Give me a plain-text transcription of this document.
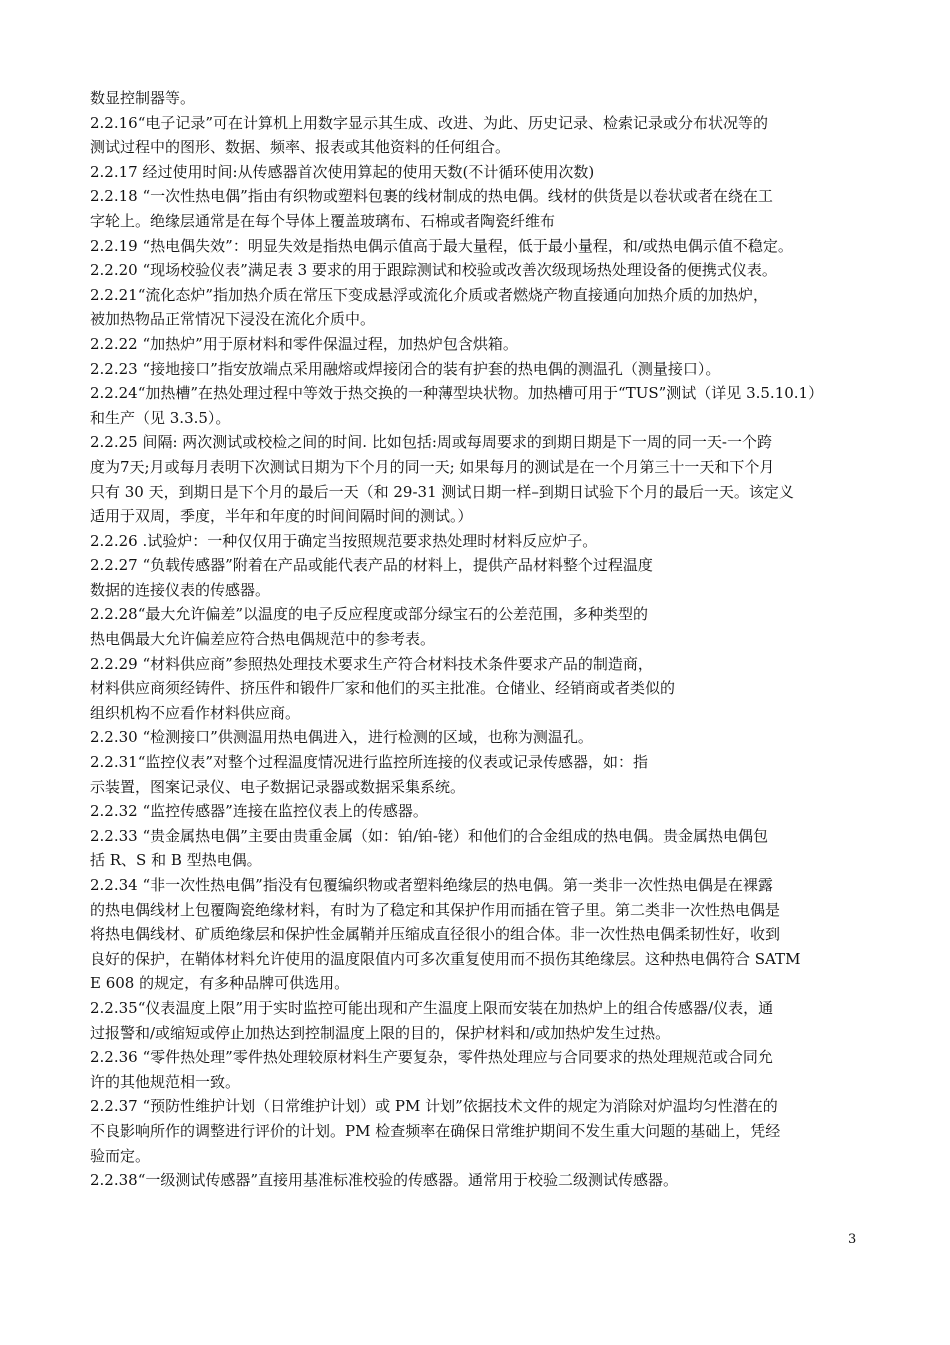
数显控制器等。
2.2.16“电子记录”可在计算机上用数字显示其生成、改进、为此、历史记录、检索记录或分布状况等的
测试过程中的图形、数据、频率、报表或其他资料的任何组合。
2.2.17 经过使用时间:从传感器首次使用算起的使用天数(不计循环使用次数)
2.2.18 “一次性热电偶”指由有织物或塑料包裹的线材制成的热电偶。线材的供货是以卷状或者在绕在工
字轮上。绝缘层通常是在每个导体上覆盖玻璃布、石棉或者陶瓷纤维布
2.2.19 “热电偶失效”：明显失效是指热电偶示值高于最大量程，低于最小量程，和/或热电偶示值不稳定。
2.2.20 “现场校验仪表”满足表 3 要求的用于跟踪测试和校验或改善次级现场热处理设备的便携式仪表。
2.2.21“流化态炉”指加热介质在常压下变成悬浮或流化介质或者燃烧产物直接通向加热介质的加热炉，
被加热物品正常情况下浸没在流化介质中。
2.2.22 “加热炉”用于原材料和零件保温过程，加热炉包含烘箱。
2.2.23 “接地接口”指安放端点采用融熔或焊接闭合的装有护套的热电偶的测温孔（测量接口）。
2.2.24“加热槽”在热处理过程中等效于热交换的一种薄型块状物。加热槽可用于“TUS”测试（详见 3.5.10.1）
和生产（见 3.3.5）。
2.2.25 间隔: 两次测试或校检之间的时间. 比如包括:周或每周要求的到期日期是下一周的同一天-一个跨
度为7天;月或每月表明下次测试日期为下个月的同一天; 如果每月的测试是在一个月第三十一天和下个月
只有 30 天，到期日是下个月的最后一天（和 29-31 测试日期一样–到期日试验下个月的最后一天。该定义
适用于双周，季度，半年和年度的时间间隔时间的测试。）
2.2.26 .试验炉：一种仅仅用于确定当按照规范要求热处理时材料反应炉子。
2.2.27 “负载传感器”附着在产品或能代表产品的材料上，提供产品材料整个过程温度
数据的连接仪表的传感器。
2.2.28“最大允许偏差”以温度的电子反应程度或部分绿宝石的公差范围，多种类型的
热电偶最大允许偏差应符合热电偶规范中的参考表。
2.2.29 “材料供应商”参照热处理技术要求生产符合材料技术条件要求产品的制造商，
材料供应商须经铸件、挤压件和锻件厂家和他们的买主批准。仓储业、经销商或者类似的
组织机构不应看作材料供应商。
2.2.30 “检测接口”供测温用热电偶进入，进行检测的区域，也称为测温孔。
2.2.31“监控仪表”对整个过程温度情况进行监控所连接的仪表或记录传感器，如：指
示装置，图案记录仪、电子数据记录器或数据采集系统。
2.2.32 “监控传感器”连接在监控仪表上的传感器。
2.2.33 “贵金属热电偶”主要由贵重金属（如：铂/铂-铑）和他们的合金组成的热电偶。贵金属热电偶包
括 R、S 和 B 型热电偶。
2.2.34 “非一次性热电偶”指没有包覆编织物或者塑料绝缘层的热电偶。第一类非一次性热电偶是在裸露
的热电偶线材上包覆陶瓷绝缘材料，有时为了稳定和其保护作用而插在管子里。第二类非一次性热电偶是
将热电偶线材、矿质绝缘层和保护性金属鞘并压缩成直径很小的组合体。非一次性热电偶柔韧性好，收到
良好的保护，在鞘体材料允许使用的温度限值内可多次重复使用而不损伤其绝缘层。这种热电偶符合 SATM
E 608 的规定，有多种品牌可供选用。
2.2.35“仪表温度上限”用于实时监控可能出现和产生温度上限而安装在加热炉上的组合传感器/仪表，通
过报警和/或缩短或停止加热达到控制温度上限的目的，保护材料和/或加热炉发生过热。
2.2.36 “零件热处理”零件热处理较原材料生产要复杂，零件热处理应与合同要求的热处理规范或合同允
许的其他规范相一致。
2.2.37 “预防性维护计划（日常维护计划）或 PM 计划”依据技术文件的规定为消除对炉温均匀性潜在的
不良影响所作的调整进行评价的计划。PM 检查频率在确保日常维护期间不发生重大问题的基础上，凭经
验而定。
2.2.38“一级测试传感器”直接用基准标准校验的传感器。通常用于校验二级测试传感器。
3
